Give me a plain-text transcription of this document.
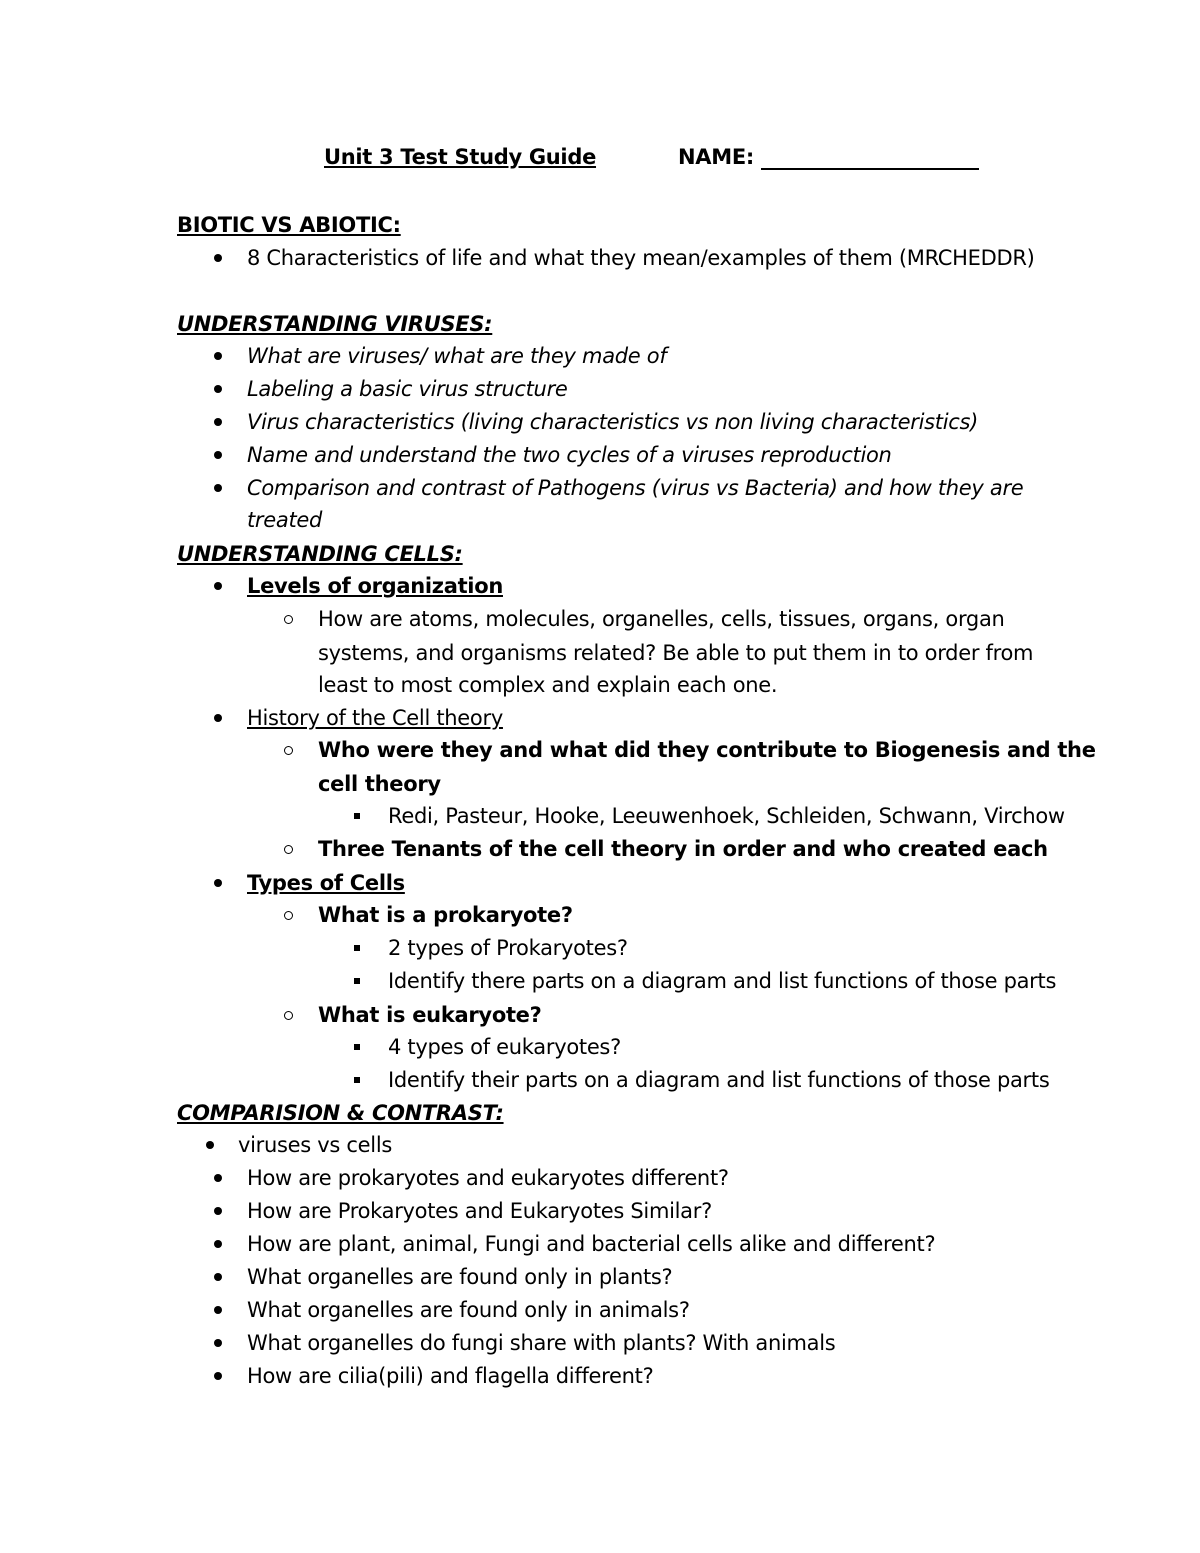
Unit 3 Test Study Guide	NAME:
BIOTIC VS ABIOTIC:
8 Characteristics of life and what they mean/examples of them (MRCHEDDR)
UNDERSTANDING VIRUSES:
What are viruses/ what are they made of
Labeling a basic virus structure
Virus characteristics (living characteristics vs non living characteristics)
Name and understand the two cycles of a viruses reproduction
Comparison and contrast of Pathogens (virus vs Bacteria) and how they are
treated
UNDERSTANDING CELLS:
Levels of organization
How are atoms, molecules, organelles, cells, tissues, organs, organ
systems, and organisms related? Be able to put them in to order from
least to most complex and explain each one.
History of the Cell theory
Who were they and what did they contribute to Biogenesis and the
cell theory
Redi, Pasteur, Hooke, Leeuwenhoek, Schleiden, Schwann, Virchow
Three Tenants of the cell theory in order and who created each
Types of Cells
What is a prokaryote?
2 types of Prokaryotes?
Identify there parts on a diagram and list functions of those parts
What is eukaryote?
4 types of eukaryotes?
Identify their parts on a diagram and list functions of those parts
COMPARISION & CONTRAST:
viruses vs cells
How are prokaryotes and eukaryotes different?
How are Prokaryotes and Eukaryotes Similar?
How are plant, animal, Fungi and bacterial cells alike and different?
What organelles are found only in plants?
What organelles are found only in animals?
What organelles do fungi share with plants? With animals
How are cilia(pili) and flagella different?
